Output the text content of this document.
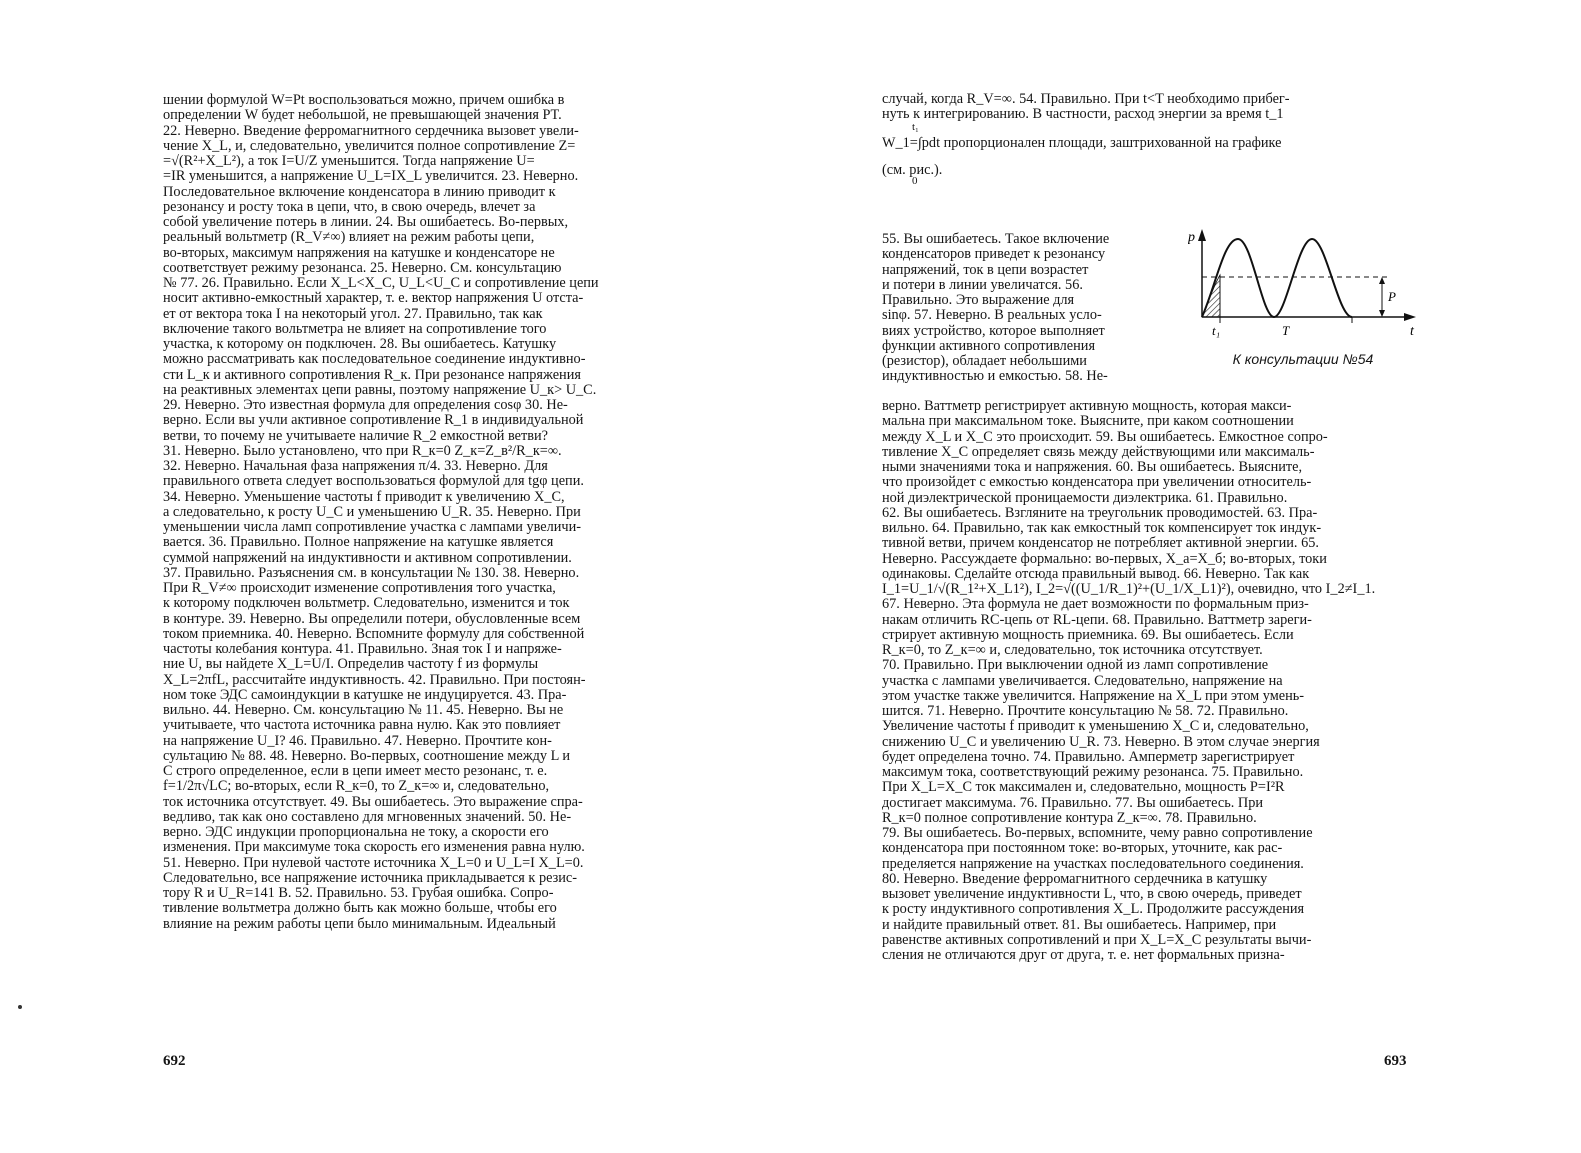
шении формулой W=Pt воспользоваться можно, причем ошибка в
определении W будет небольшой, не превышающей значения PT.
22. Неверно. Введение ферромагнитного сердечника вызовет увели-
чение X_L, и, следовательно, увеличится полное сопротивление Z=
=√(R²+X_L²), а ток I=U/Z уменьшится. Тогда напряжение U=
=IR уменьшится, а напряжение U_L=IX_L увеличится. 23. Неверно.
Последовательное включение конденсатора в линию приводит к
резонансу и росту тока в цепи, что, в свою очередь, влечет за
собой увеличение потерь в линии. 24. Вы ошибаетесь. Во-первых,
реальный вольтметр (R_V≠∞) влияет на режим работы цепи,
во-вторых, максимум напряжения на катушке и конденсаторе не
соответствует режиму резонанса. 25. Неверно. См. консультацию
№ 77. 26. Правильно. Если X_L<X_C, U_L<U_C и сопротивление цепи
носит активно-емкостный характер, т. е. вектор напряжения U отста-
ет от вектора тока I на некоторый угол. 27. Правильно, так как
включение такого вольтметра не влияет на сопротивление того
участка, к которому он подключен. 28. Вы ошибаетесь. Катушку
можно рассматривать как последовательное соединение индуктивно-
сти L_к и активного сопротивления R_к. При резонансе напряжения
на реактивных элементах цепи равны, поэтому напряжение U_к> U_C.
29. Неверно. Это известная формула для определения cosφ 30. Не-
верно. Если вы учли активное сопротивление R_1 в индивидуальной
ветви, то почему не учитываете наличие R_2 емкостной ветви?
31. Неверно. Было установлено, что при R_к=0 Z_к=Z_в²/R_к=∞.
32. Неверно. Начальная фаза напряжения π/4. 33. Неверно. Для
правильного ответа следует воспользоваться формулой для tgφ цепи.
34. Неверно. Уменьшение частоты f приводит к увеличению X_C,
а следовательно, к росту U_C и уменьшению U_R. 35. Неверно. При
уменьшении числа ламп сопротивление участка с лампами увеличи-
вается. 36. Правильно. Полное напряжение на катушке является
суммой напряжений на индуктивности и активном сопротивлении.
37. Правильно. Разъяснения см. в консультации № 130. 38. Неверно.
При R_V≠∞ происходит изменение сопротивления того участка,
к которому подключен вольтметр. Следовательно, изменится и ток
в контуре. 39. Неверно. Вы определили потери, обусловленные всем
током приемника. 40. Неверно. Вспомните формулу для собственной
частоты колебания контура. 41. Правильно. Зная ток I и напряже-
ние U, вы найдете X_L=U/I. Определив частоту f из формулы
X_L=2πfL, рассчитайте индуктивность. 42. Правильно. При постоян-
ном токе ЭДС самоиндукции в катушке не индуцируется. 43. Пра-
вильно. 44. Неверно. См. консультацию № 11. 45. Неверно. Вы не
учитываете, что частота источника равна нулю. Как это повлияет
на напряжение U_I? 46. Правильно. 47. Неверно. Прочтите кон-
сультацию № 88. 48. Неверно. Во-первых, соотношение между L и
C строго определенное, если в цепи имеет место резонанс, т. е.
f=1/2π√LC; во-вторых, если R_к=0, то Z_к=∞ и, следовательно,
ток источника отсутствует. 49. Вы ошибаетесь. Это выражение спра-
ведливо, так как оно составлено для мгновенных значений. 50. Не-
верно. ЭДС индукции пропорциональна не току, а скорости его
изменения. При максимуме тока скорость его изменения равна нулю.
51. Неверно. При нулевой частоте источника X_L=0 и U_L=I X_L=0.
Следовательно, все напряжение источника прикладывается к резис-
тору R и U_R=141 В. 52. Правильно. 53. Грубая ошибка. Сопро-
тивление вольтметра должно быть как можно больше, чтобы его
влияние на режим работы цепи было минимальным. Идеальный
692
случай, когда R_V=∞. 54. Правильно. При t<T необходимо прибег-
нуть к интегрированию. В частности, расход энергии за время t_1
t₁
W_1=∫pdt пропорционален площади, заштрихованной на графике
0
(см. рис.).
55. Вы ошибаетесь. Такое включение
конденсаторов приведет к резонансу
напряжений, ток в цепи возрастет
и потери в линии увеличатся. 56.
Правильно. Это выражение для
sinφ. 57. Неверно. В реальных усло-
виях устройство, которое выполняет
функции активного сопротивления
(резистор), обладает небольшими
индуктивностью и емкостью. 58. Не-
p
t
t₁	T
P
К консультации №54
верно. Ваттметр регистрирует активную мощность, которая макси-
мальна при максимальном токе. Выясните, при каком соотношении
между X_L и X_C это происходит. 59. Вы ошибаетесь. Емкостное сопро-
тивление X_C определяет связь между действующими или максималь-
ными значениями тока и напряжения. 60. Вы ошибаетесь. Выясните,
что произойдет с емкостью конденсатора при увеличении относитель-
ной диэлектрической проницаемости диэлектрика. 61. Правильно.
62. Вы ошибаетесь. Взгляните на треугольник проводимостей. 63. Пра-
вильно. 64. Правильно, так как емкостный ток компенсирует ток индук-
тивной ветви, причем конденсатор не потребляет активной энергии. 65.
Неверно. Рассуждаете формально: во-первых, X_a=X_б; во-вторых, токи
одинаковы. Сделайте отсюда правильный вывод. 66. Неверно. Так как
I_1=U_1/√(R_1²+X_L1²), I_2=√((U_1/R_1)²+(U_1/X_L1)²), очевидно, что I_2≠I_1.
67. Неверно. Эта формула не дает возможности по формальным приз-
накам отличить RC-цепь от RL-цепи. 68. Правильно. Ваттметр зареги-
стрирует активную мощность приемника. 69. Вы ошибаетесь. Если
R_к=0, то Z_к=∞ и, следовательно, ток источника отсутствует.
70. Правильно. При выключении одной из ламп сопротивление
участка с лампами увеличивается. Следовательно, напряжение на
этом участке также увеличится. Напряжение на X_L при этом умень-
шится. 71. Неверно. Прочтите консультацию № 58. 72. Правильно.
Увеличение частоты f приводит к уменьшению X_C и, следовательно,
снижению U_C и увеличению U_R. 73. Неверно. В этом случае энергия
будет определена точно. 74. Правильно. Амперметр зарегистрирует
максимум тока, соответствующий режиму резонанса. 75. Правильно.
При X_L=X_C ток максимален и, следовательно, мощность P=I²R
достигает максимума. 76. Правильно. 77. Вы ошибаетесь. При
R_к=0 полное сопротивление контура Z_к=∞. 78. Правильно.
79. Вы ошибаетесь. Во-первых, вспомните, чему равно сопротивление
конденсатора при постоянном токе: во-вторых, уточните, как рас-
пределяется напряжение на участках последовательного соединения.
80. Неверно. Введение ферромагнитного сердечника в катушку
вызовет увеличение индуктивности L, что, в свою очередь, приведет
к росту индуктивного сопротивления X_L. Продолжите рассуждения
и найдите правильный ответ. 81. Вы ошибаетесь. Например, при
равенстве активных сопротивлений и при X_L=X_C результаты вычи-
сления не отличаются друг от друга, т. е. нет формальных призна-
693
